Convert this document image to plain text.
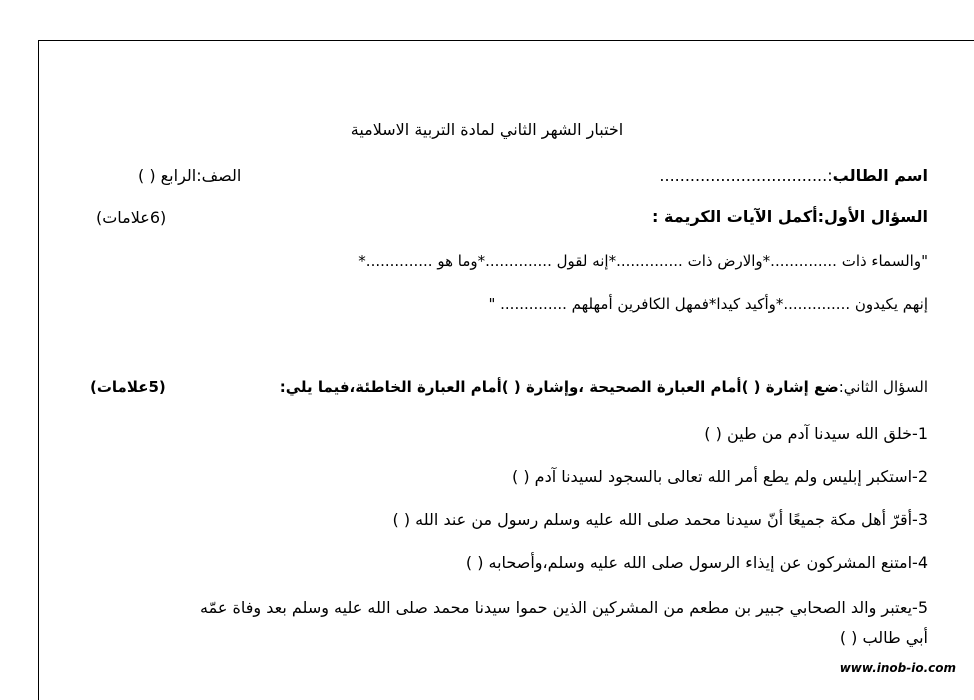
اختبار الشهر الثاني لمادة التربية الاسلامية
اسم الطالب:.................................
الصف:الرابع ( )
السؤال الأول:أكمل الآيات الكريمة :
(6علامات)
"والسماء ذات ..............*والارض ذات ..............*إنه لقول ..............*وما هو ..............*
إنهم يكيدون ..............*وأكيد كيدا*فمهل الكافرين أمهلهم .............. "
السؤال الثاني:ضع إشارة ( )أمام العبارة الصحيحة ،وإشارة ( )أمام العبارة الخاطئة،فيما يلي:
(5علامات)
1-خلق الله سيدنا آدم من طين ( )
2-استكبر إبليس ولم يطع أمر الله تعالى بالسجود لسيدنا آدم ( )
3-أقرّ أهل مكة جميعًا أنّ سيدنا محمد صلى الله عليه وسلم رسول من عند الله ( )
4-امتنع المشركون عن إيذاء الرسول صلى الله عليه وسلم،وأصحابه ( )
5-يعتبر والد الصحابي جبير بن مطعم من المشركين الذين حموا سيدنا محمد صلى الله عليه وسلم بعد وفاة عمّه
أبي طالب ( )
www.inob-io.com
